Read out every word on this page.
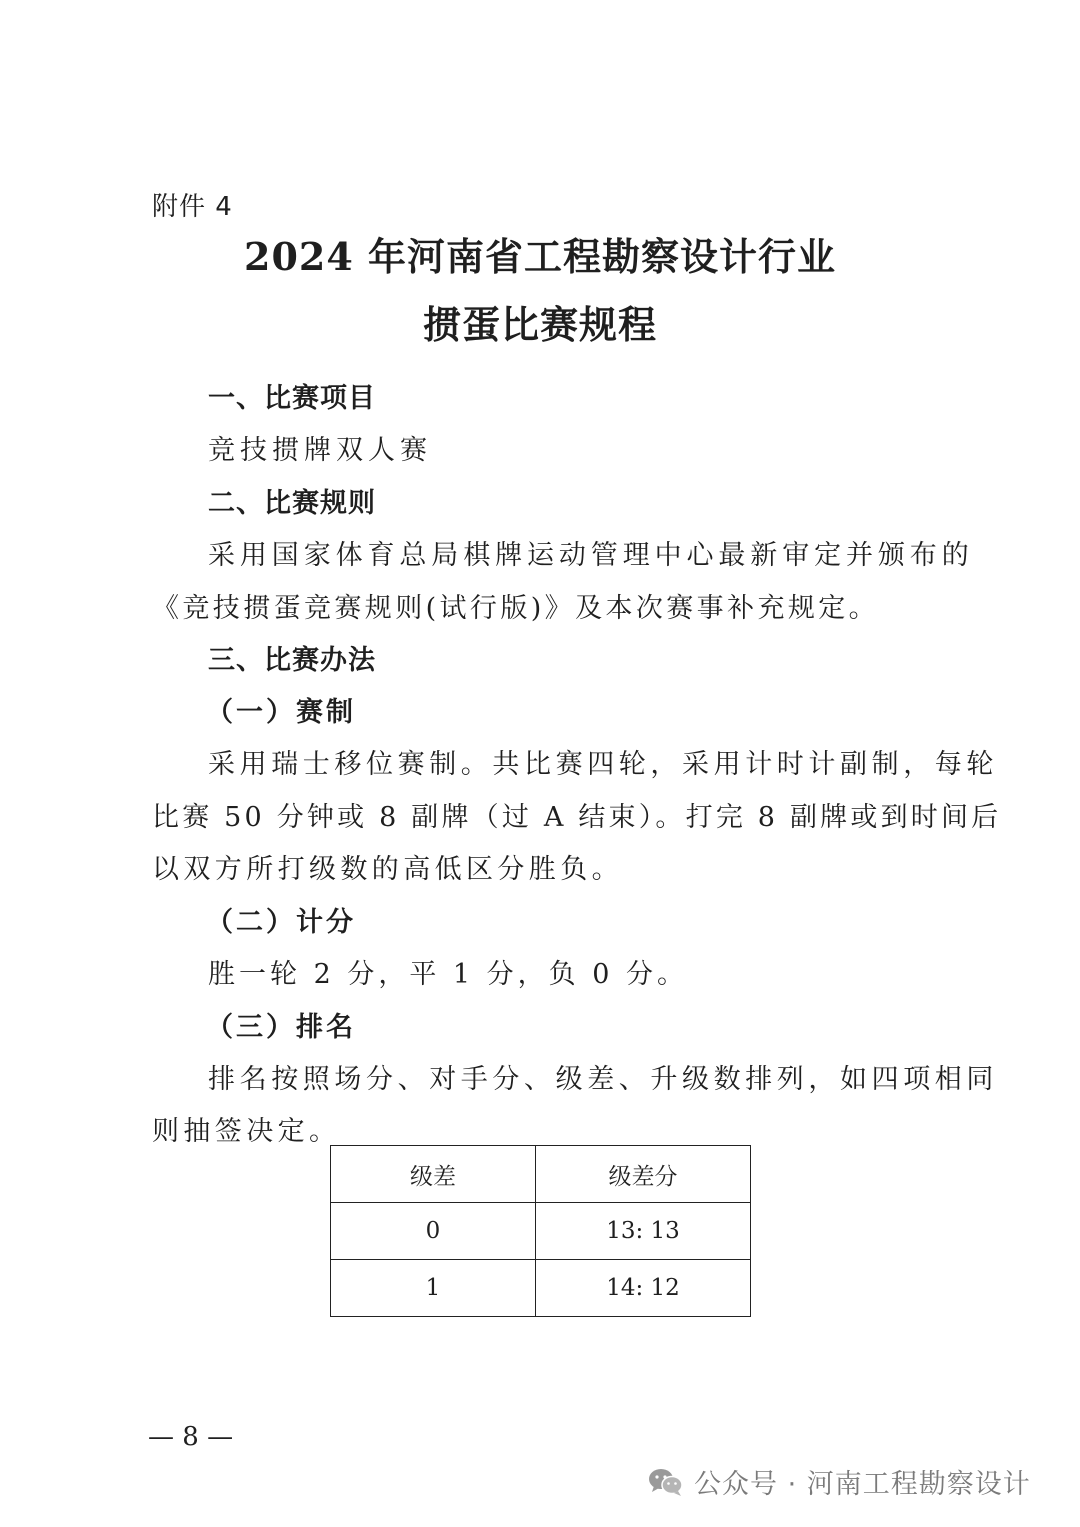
附件 4
2024 年河南省工程勘察设计行业
掼蛋比赛规程
一、比赛项目
竞技掼牌双人赛
二、比赛规则
采用国家体育总局棋牌运动管理中心最新审定并颁布的
《竞技掼蛋竞赛规则(试行版)》及本次赛事补充规定。
三、比赛办法
（一）赛制
采用瑞士移位赛制。共比赛四轮，采用计时计副制，每轮
比赛 50 分钟或 8 副牌（过 A 结束）。打完 8 副牌或到时间后
以双方所打级数的高低区分胜负。
（二）计分
胜一轮 2 分，平 1 分，负 0 分。
（三）排名
排名按照场分、对手分、级差、升级数排列，如四项相同
则抽签决定。
级差	级差分
0	13: 13
1	14: 12
— 8 —
公众号 · 河南工程勘察设计
